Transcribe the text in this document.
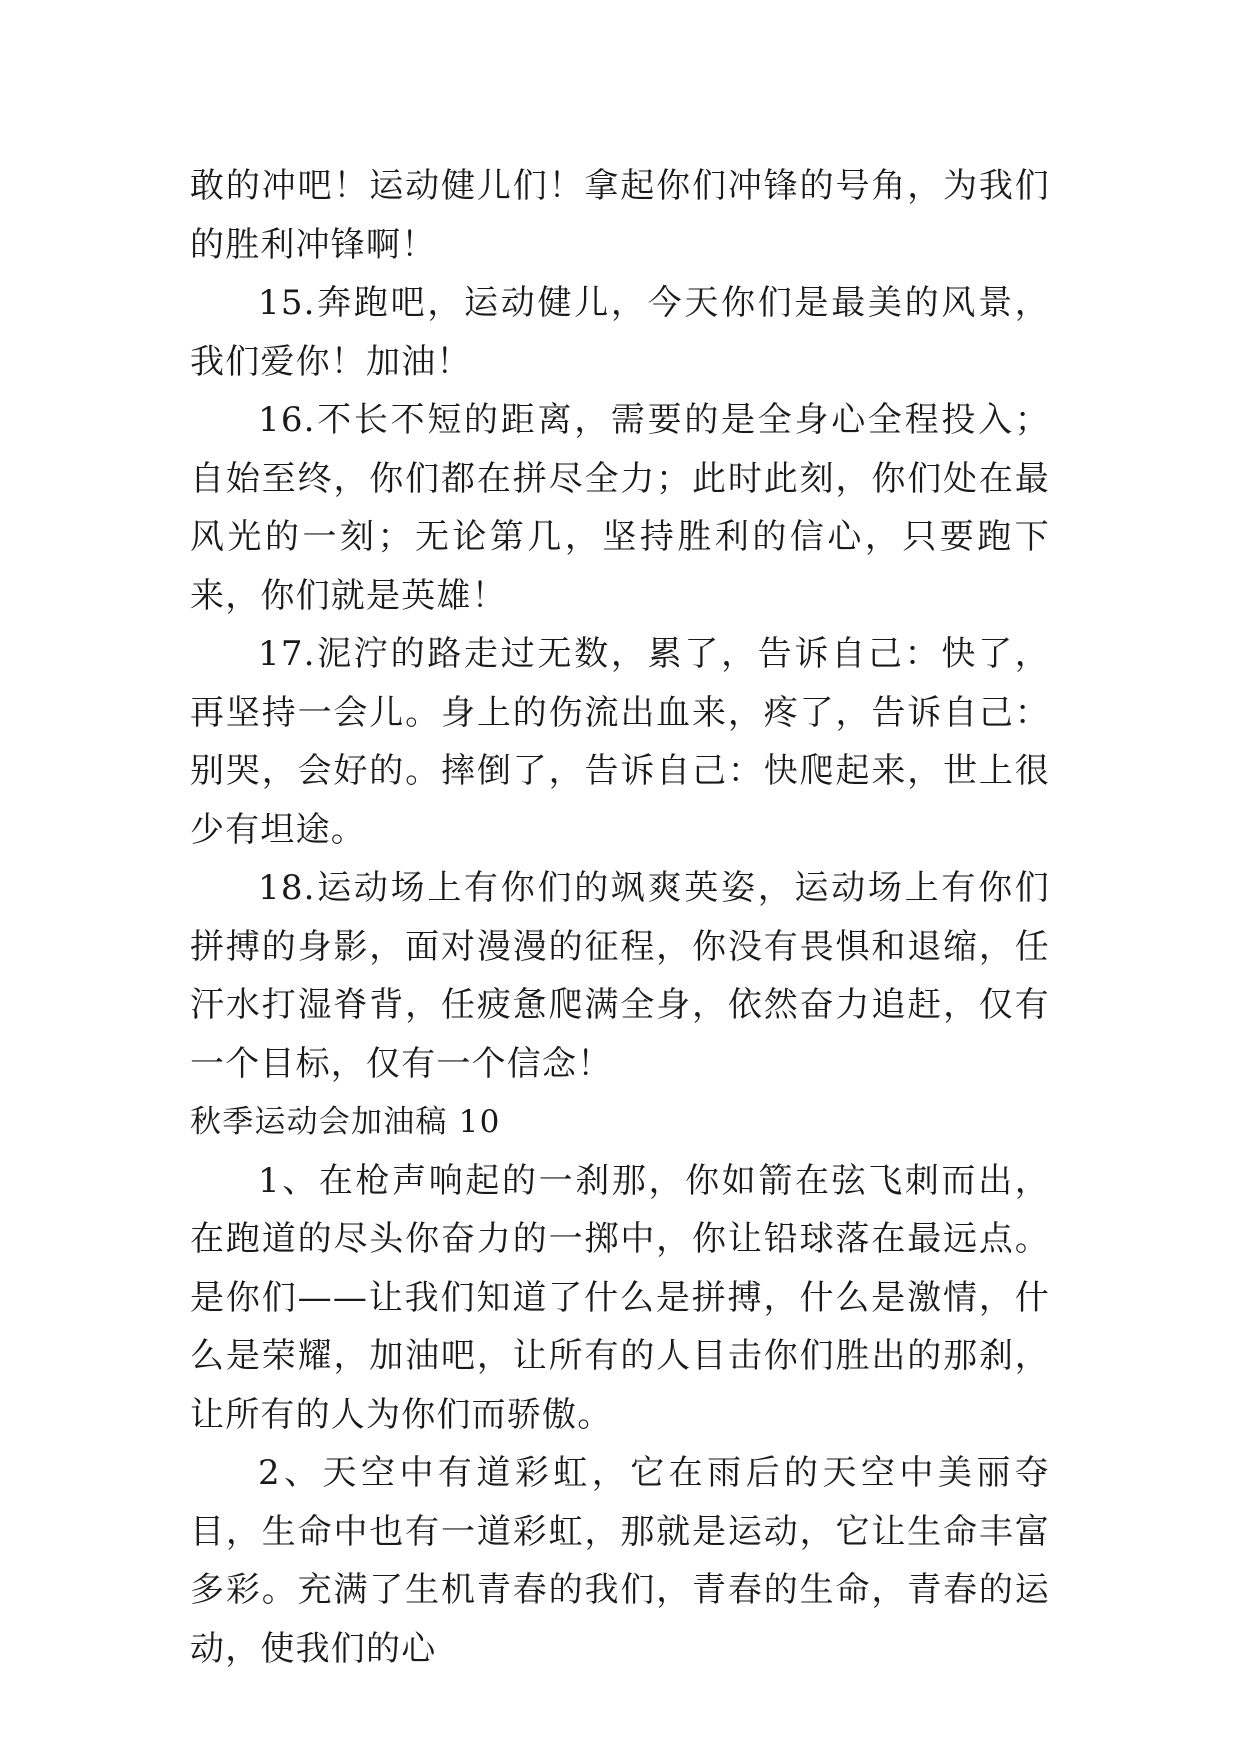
敢的冲吧！运动健儿们！拿起你们冲锋的号角，为我们的胜利冲锋啊！

15.奔跑吧，运动健儿，今天你们是最美的风景，我们爱你！加油！

16.不长不短的距离，需要的是全身心全程投入；自始至终，你们都在拼尽全力；此时此刻，你们处在最风光的一刻；无论第几，坚持胜利的信心，只要跑下来，你们就是英雄！

17.泥泞的路走过无数，累了，告诉自己：快了，再坚持一会儿。身上的伤流出血来，疼了，告诉自己：别哭，会好的。摔倒了，告诉自己：快爬起来，世上很少有坦途。

18.运动场上有你们的飒爽英姿，运动场上有你们拼搏的身影，面对漫漫的征程，你没有畏惧和退缩，任汗水打湿脊背，任疲惫爬满全身，依然奋力追赶，仅有一个目标，仅有一个信念！

秋季运动会加油稿 10

1、在枪声响起的一刹那，你如箭在弦飞刺而出，在跑道的尽头你奋力的一掷中，你让铅球落在最远点。是你们——让我们知道了什么是拼搏，什么是激情，什么是荣耀，加油吧，让所有的人目击你们胜出的那刹，让所有的人为你们而骄傲。

2、天空中有道彩虹，它在雨后的天空中美丽夺目，生命中也有一道彩虹，那就是运动，它让生命丰富多彩。充满了生机青春的我们，青春的生命，青春的运动，使我们的心
